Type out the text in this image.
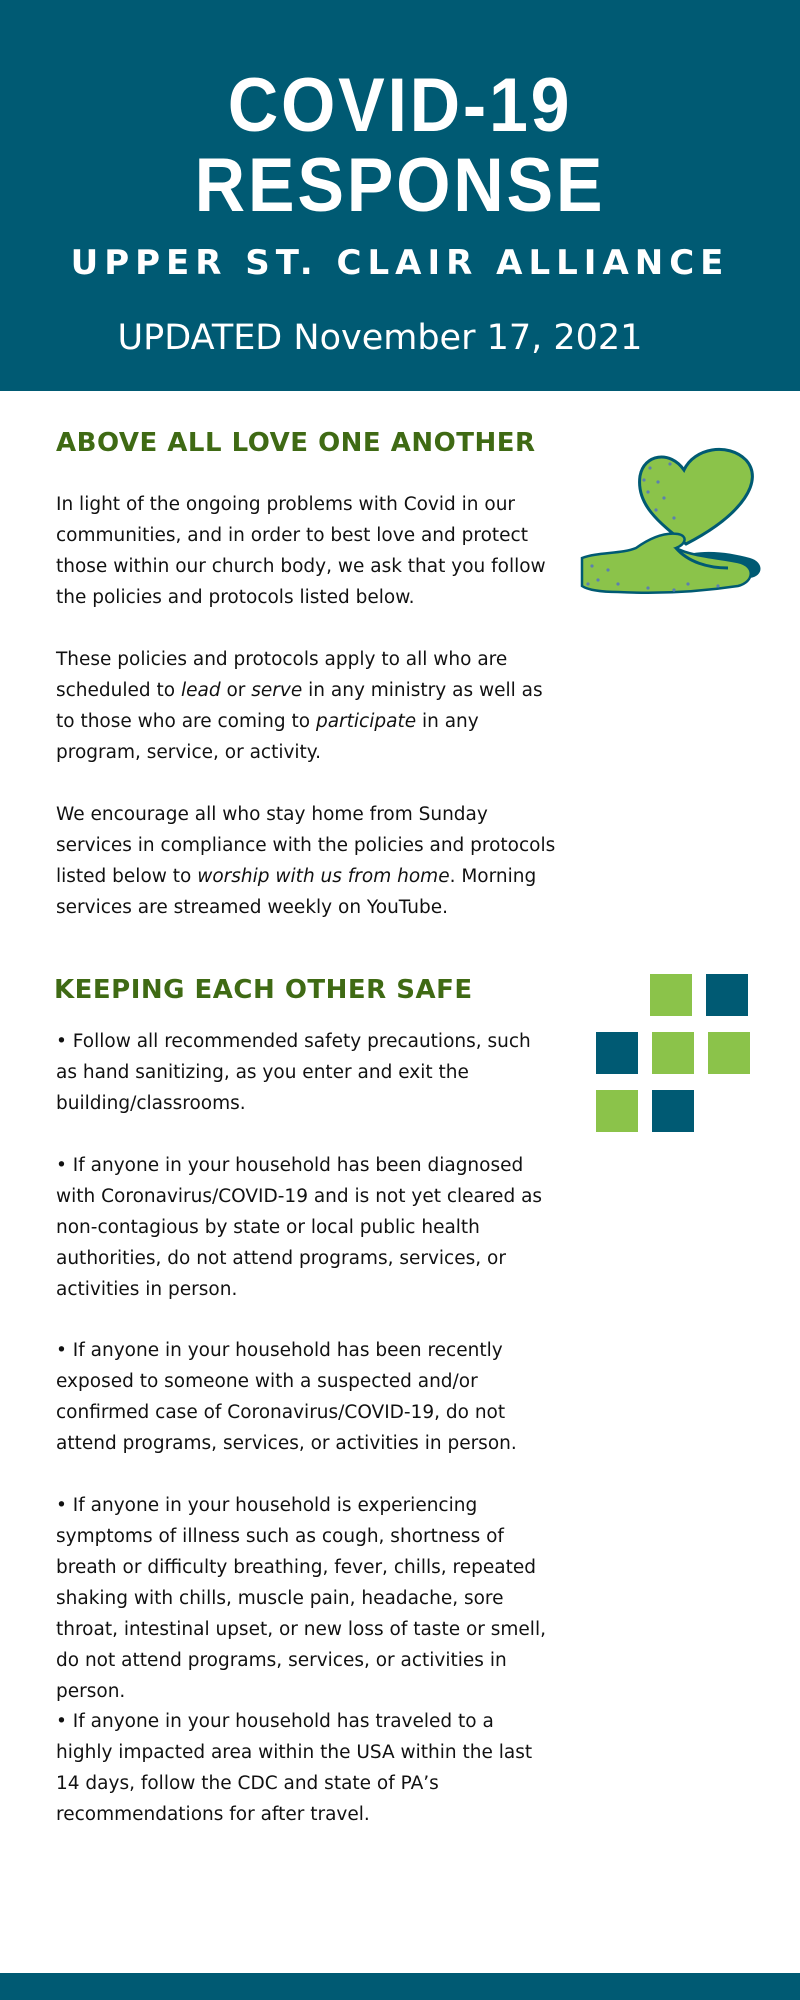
COVID-19
RESPONSE
UPPER ST. CLAIR ALLIANCE
UPDATED November 17, 2021
ABOVE ALL LOVE ONE ANOTHER

In light of the ongoing problems with Covid in our communities, and in order to best love and protect those within our church body, we ask that you follow the policies and protocols listed below.

These policies and protocols apply to all who are scheduled to lead or serve in any ministry as well as to those who are coming to participate in any program, service, or activity.

We encourage all who stay home from Sunday services in compliance with the policies and protocols listed below to worship with us from home. Morning services are streamed weekly on YouTube.

KEEPING EACH OTHER SAFE

• Follow all recommended safety precautions, such as hand sanitizing, as you enter and exit the building/classrooms.

• If anyone in your household has been diagnosed with Coronavirus/COVID-19 and is not yet cleared as non-contagious by state or local public health authorities, do not attend programs, services, or activities in person.

• If anyone in your household has been recently exposed to someone with a suspected and/or confirmed case of Coronavirus/COVID-19, do not attend programs, services, or activities in person.

• If anyone in your household is experiencing symptoms of illness such as cough, shortness of breath or difficulty breathing, fever, chills, repeated shaking with chills, muscle pain, headache, sore throat, intestinal upset, or new loss of taste or smell, do not attend programs, services, or activities in person.

• If anyone in your household has traveled to a highly impacted area within the USA within the last 14 days, follow the CDC and state of PA’s recommendations for after travel.
